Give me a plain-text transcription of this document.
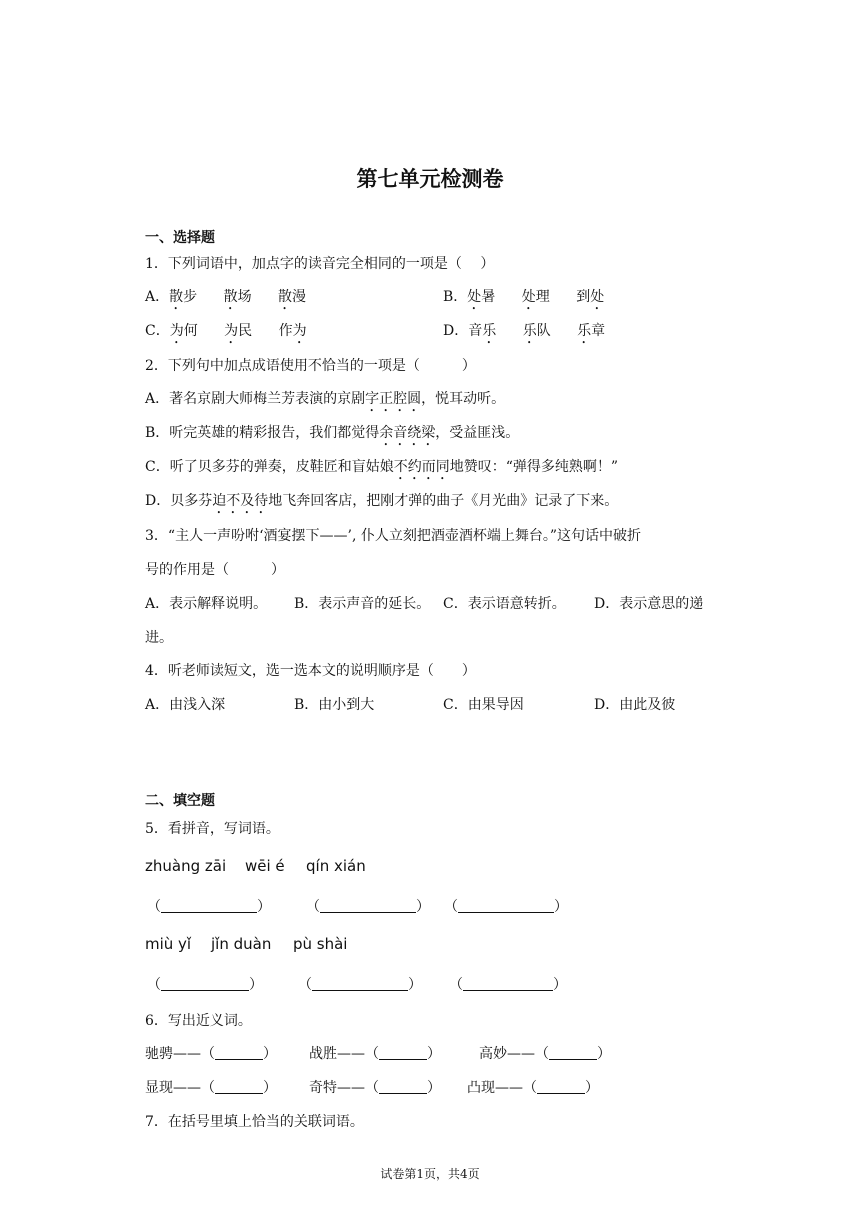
第七单元检测卷
一、选择题
1．下列词语中，加点字的读音完全相同的一项是（　 ）
A．散步 散场 散漫	B．处暑 处理 到处
C．为何 为民 作为	D．音乐 乐队 乐章
2．下列句中加点成语使用不恰当的一项是（　　　）
A．著名京剧大师梅兰芳表演的京剧字正腔圆，悦耳动听。
B．听完英雄的精彩报告，我们都觉得余音绕梁，受益匪浅。
C．听了贝多芬的弹奏，皮鞋匠和盲姑娘不约而同地赞叹：“弹得多纯熟啊！”
D．贝多芬迫不及待地飞奔回客店，把刚才弹的曲子《月光曲》记录了下来。
3．“主人一声吩咐‘酒宴摆下——’, 仆人立刻把酒壶酒杯端上舞台。”这句话中破折
号的作用是（　　　）
A．表示解释说明。 B．表示声音的延长。 C．表示语意转折。 D．表示意思的递
进。
4．听老师读短文，选一选本文的说明顺序是（　　）
A．由浅入深	B．由小到大	C．由果导因	D．由此及彼
二、填空题
5．看拼音，写词语。
zhuàng zāi wēi é qín xián
（	）	（	） （	）
miù yǐ jǐn duàn pù shài
（	）	（	） （	）
6．写出近义词。
驰骋——（	） 战胜——（	）	高妙——（	）
显现——（	） 奇特——（	） 凸现——（	）
7．在括号里填上恰当的关联词语。
试卷第1页，共4页
